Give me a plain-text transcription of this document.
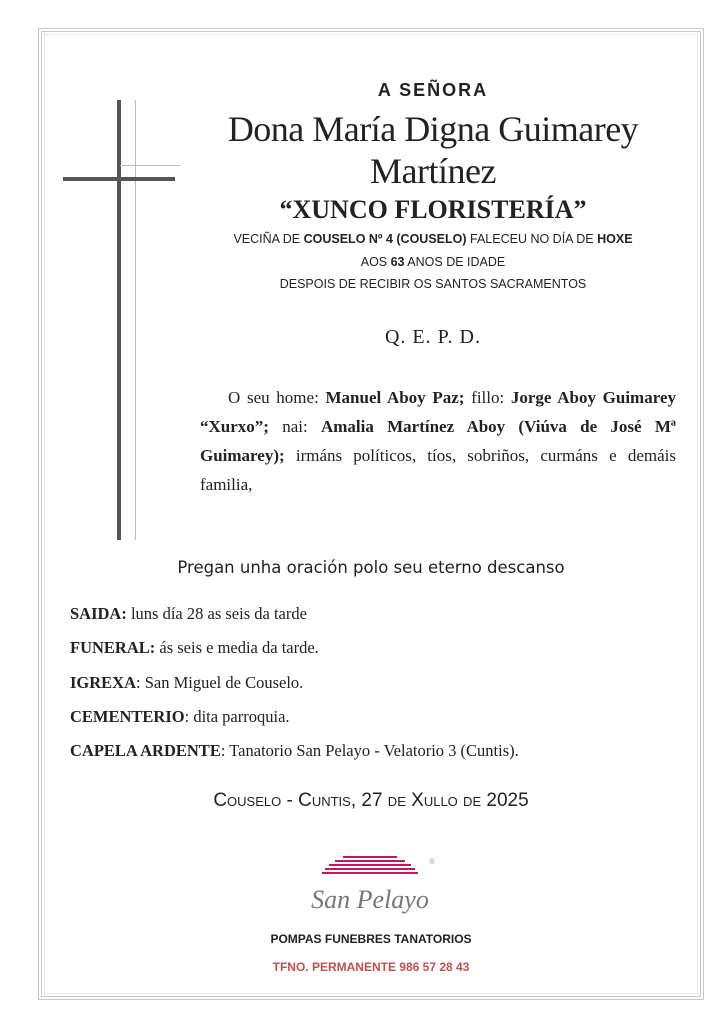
A SEÑORA
Dona María Digna Guimarey
Martínez
“XUNCO FLORISTERÍA”
VECIÑA DE COUSELO Nº 4 (COUSELO) FALECEU NO DÍA DE HOXE
AOS 63 ANOS DE IDADE
DESPOIS DE RECIBIR OS SANTOS SACRAMENTOS
Q. E. P. D.
O seu home: Manuel Aboy Paz; fillo: Jorge Aboy Guimarey “Xurxo”; nai: Amalia Martínez Aboy (Viúva de José Mª Guimarey); irmáns políticos, tíos, sobriños, curmáns e demáis familia,
Pregan unha oración polo seu eterno descanso
SAIDA: luns día 28 as seis da tarde
FUNERAL: ás seis e media da tarde.
IGREXA: San Miguel de Couselo.
CEMENTERIO: dita parroquia.
CAPELA ARDENTE: Tanatorio San Pelayo - Velatorio 3 (Cuntis).
Couselo - Cuntis, 27 de Xullo de 2025
®
San Pelayo
POMPAS FUNEBRES TANATORIOS
TFNO. PERMANENTE 986 57 28 43
